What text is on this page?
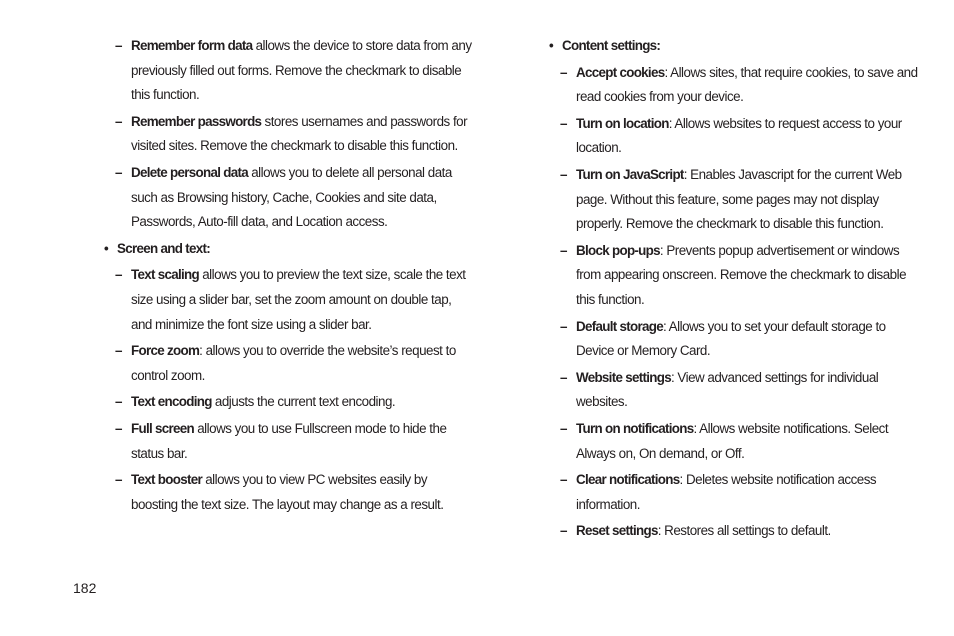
– Remember form data allows the device to store data from any previously filled out forms. Remove the checkmark to disable this function.
– Remember passwords stores usernames and passwords for visited sites. Remove the checkmark to disable this function.
– Delete personal data allows you to delete all personal data such as Browsing history, Cache, Cookies and site data, Passwords, Auto-fill data, and Location access.
• Screen and text:
– Text scaling allows you to preview the text size, scale the text size using a slider bar, set the zoom amount on double tap, and minimize the font size using a slider bar.
– Force zoom: allows you to override the website’s request to control zoom.
– Text encoding adjusts the current text encoding.
– Full screen allows you to use Fullscreen mode to hide the status bar.
– Text booster allows you to view PC websites easily by boosting the text size. The layout may change as a result.
• Content settings:
– Accept cookies: Allows sites, that require cookies, to save and read cookies from your device.
– Turn on location: Allows websites to request access to your location.
– Turn on JavaScript: Enables Javascript for the current Web page. Without this feature, some pages may not display properly. Remove the checkmark to disable this function.
– Block pop-ups: Prevents popup advertisement or windows from appearing onscreen. Remove the checkmark to disable this function.
– Default storage: Allows you to set your default storage to Device or Memory Card.
– Website settings: View advanced settings for individual websites.
– Turn on notifications: Allows website notifications. Select Always on, On demand, or Off.
– Clear notifications: Deletes website notification access information.
– Reset settings: Restores all settings to default.
182
